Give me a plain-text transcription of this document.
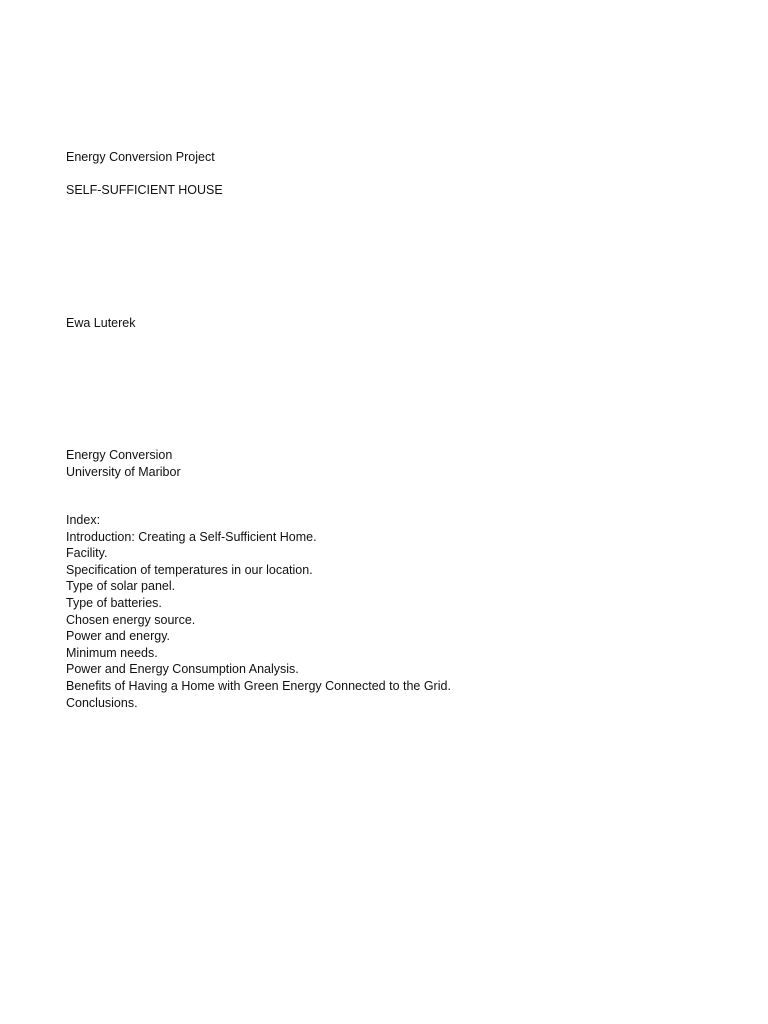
Energy Conversion Project
SELF-SUFFICIENT HOUSE
Ewa Luterek
Energy Conversion
University of Maribor
Index:
Introduction: Creating a Self-Sufficient Home.
Facility.
Specification of temperatures in our location.
Type of solar panel.
Type of batteries.
Chosen energy source.
Power and energy.
Minimum needs.
Power and Energy Consumption Analysis.
Benefits of Having a Home with Green Energy Connected to the Grid.
Conclusions.
